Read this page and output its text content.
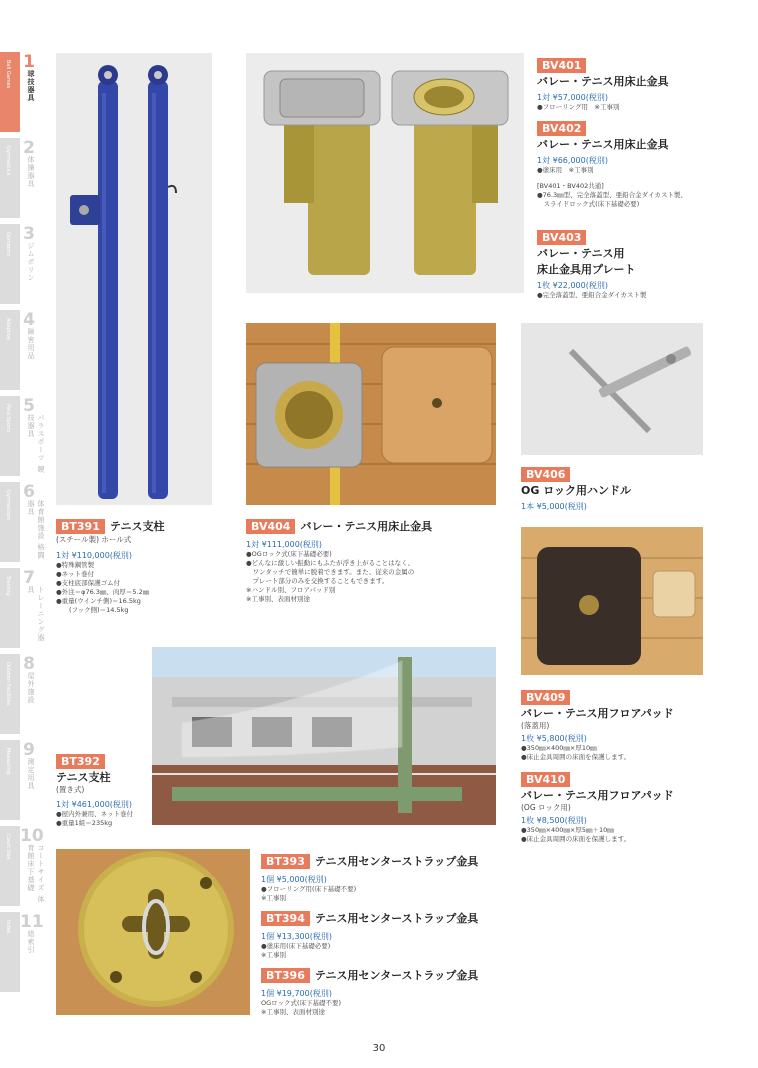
Ball Games 1
球技器具
Gymnastics 2
体操器具
Gymborin 3
ジムボリン
Adaptive 4
障害用品
Para Sports 5
パラスポーツ 競技器具
Gymnasium 6
体育館施設 格闘器具
Training 7
トレーニング器具
Outdoor Facilities 8
屋外施設
Measuring 9
測定用具
Court Size 10
コートサイズ 体育館床下基礎
Index 11
総索引
BV401
バレー・テニス用床止金具
1対 ¥57,000(税別)
●フローリング用　※工事別
BV402
バレー・テニス用床止金具
1対 ¥66,000(税別)
●塗床用　※工事別
[BV401・BV402共通]
●76.3㎜型、完全落蓋型、亜鉛合金ダイカスト製、
　スライドロック式(床下基礎必要)
BV403
バレー・テニス用
床止金具用プレート
1枚 ¥22,000(税別)
●完全落蓋型、亜鉛合金ダイカスト製
BT391 テニス支柱
(スチール製) ホール式
1対 ¥110,000(税別)
●特殊鋼管製
●ネット巻付
●支柱底部保護ゴム付
●外注＝φ76.3㎜、肉厚＝5.2㎜
●重量(ウインチ側)＝16.5kg
　　(フック側)＝14.5kg
BV404 バレー・テニス用床止金具
1対 ¥111,000(税別)
●OGロック式(床下基礎必要)
●どんなに激しい振動にもふたが浮き上がることはなく、
　ワンタッチで簡単に脱着できます。また、従来の金属の
　プレート部分のみを交換することもできます。
※ハンドル別、フロアパッド別
※工事別、表面材別途
BV406
OG ロック用ハンドル
1本 ¥5,000(税別)
BV409
バレー・テニス用フロアパッド
(落蓋用)
1枚 ¥5,800(税別)
●350㎜×400㎜×厚10㎜
●床止金具周囲の床面を保護します。
BV410
バレー・テニス用フロアパッド
(OG ロック用)
1枚 ¥8,500(税別)
●350㎜×400㎜×厚5㎜＋10㎜
●床止金具周囲の床面を保護します。
BT392
テニス支柱
(置き式)
1対 ¥461,000(税別)
●屋内外兼用、ネット巻付
●重量1組＝235kg
BT393 テニス用センターストラップ金具
1個 ¥5,000(税別)
●フローリング用(床下基礎不要)
※工事別
BT394 テニス用センターストラップ金具
1個 ¥13,300(税別)
●塗床用(床下基礎必要)
※工事別
BT396 テニス用センターストラップ金具
1個 ¥19,700(税別)
OGロック式(床下基礎不要)
※工事別、表面材別途
30
